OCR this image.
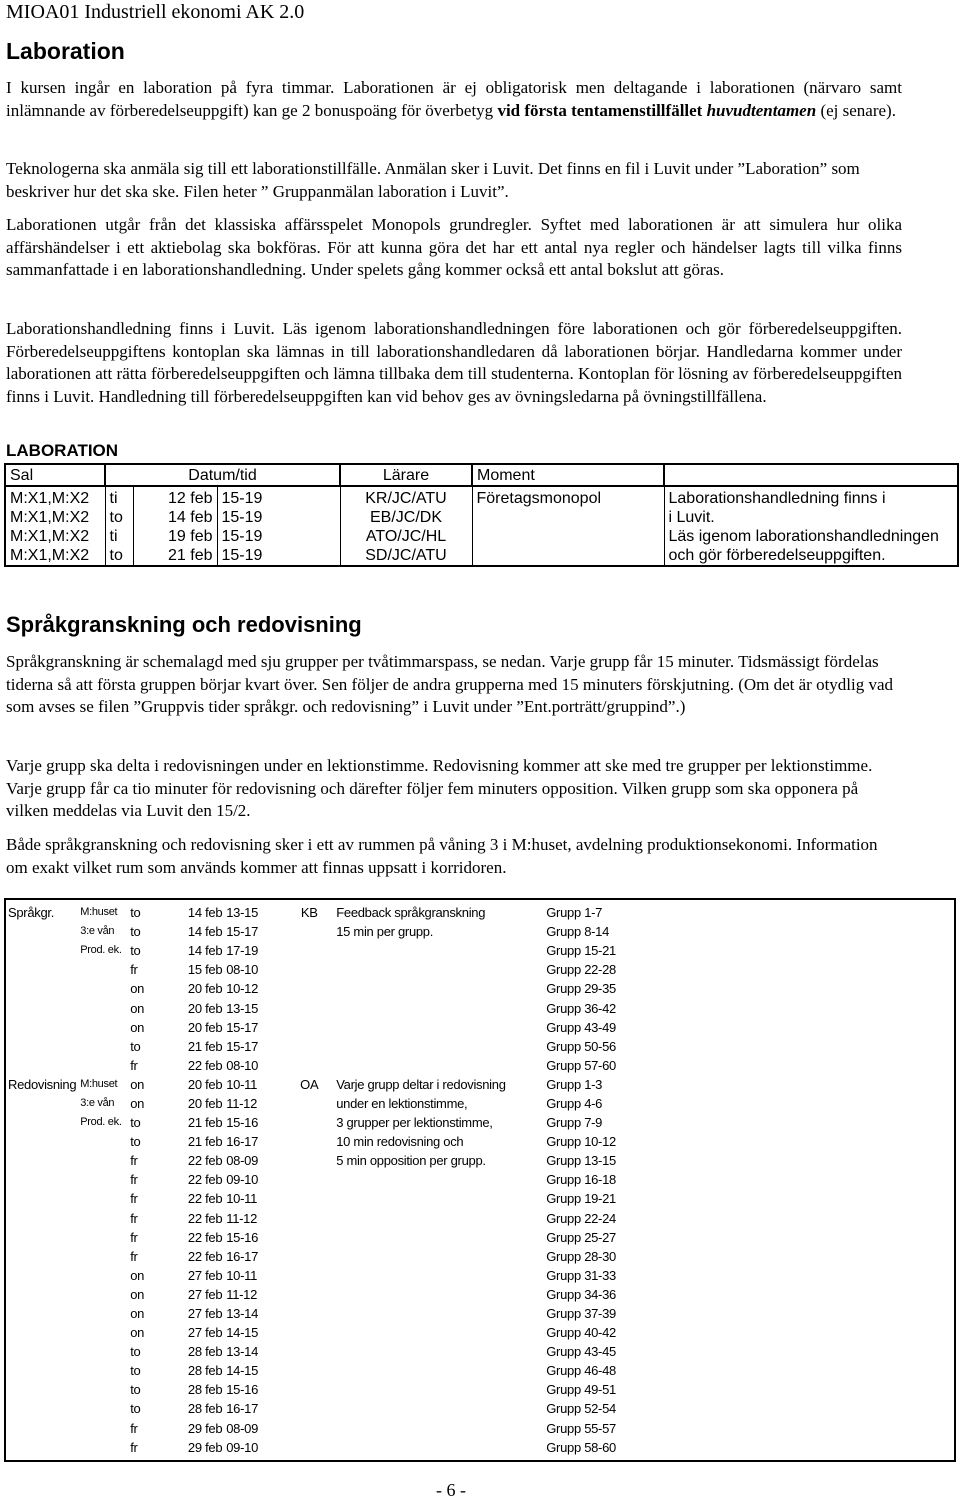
MIOA01 Industriell ekonomi AK 2.0
Laboration

I kursen ingår en laboration på fyra timmar. Laborationen är ej obligatorisk men deltagande i laborationen (närvaro samt inlämnande av förberedelseuppgift) kan ge 2 bonuspoäng för överbetyg vid första tentamenstillfället huvudtentamen (ej senare).

Teknologerna ska anmäla sig till ett laborationstillfälle. Anmälan sker i Luvit. Det finns en fil i Luvit under ”Laboration” som beskriver hur det ska ske. Filen heter ” Gruppanmälan laboration i Luvit”.

Laborationen utgår från det klassiska affärsspelet Monopols grundregler. Syftet med laborationen är att simulera hur olika affärshändelser i ett aktiebolag ska bokföras. För att kunna göra det har ett antal nya regler och händelser lagts till vilka finns sammanfattade i en laborationshandledning. Under spelets gång kommer också ett antal bokslut att göras.

Laborationshandledning finns i Luvit. Läs igenom laborationshandledningen före laborationen och gör förberedelseuppgiften. Förberedelseuppgiftens kontoplan ska lämnas in till laborationshandledaren då laborationen börjar. Handledarna kommer under laborationen att rätta förberedelseuppgiften och lämna tillbaka dem till studenterna. Kontoplan för lösning av förberedelseuppgiften finns i Luvit. Handledning till förberedelseuppgiften kan vid behov ges av övningsledarna på övningstillfällena.

LABORATION
Sal	Datum/tid			Lärare	Moment	
M:X1,M:X2	ti	12 feb	15-19	KR/JC/ATU	Företagsmonopol	Laborationshandledning finns i
M:X1,M:X2	to	14 feb	15-19	EB/JC/DK		i Luvit.
M:X1,M:X2	ti	19 feb	15-19	ATO/JC/HL		Läs igenom laborationshandledningen
M:X1,M:X2	to	21 feb	15-19	SD/JC/ATU		och gör förberedelseuppgiften.
Språkgranskning och redovisning

Språkgranskning är schemalagd med sju grupper per tvåtimmarspass, se nedan. Varje grupp får 15 minuter. Tidsmässigt fördelas tiderna så att första gruppen börjar kvart över. Sen följer de andra grupperna med 15 minuters förskjutning. (Om det är otydlig vad som avses se filen ”Gruppvis tider språkgr. och redovisning” i Luvit under ”Ent.porträtt/gruppind”.)

Varje grupp ska delta i redovisningen under en lektionstimme. Redovisning kommer att ske med tre grupper per lektionstimme. Varje grupp får ca tio minuter för redovisning och därefter följer fem minuters opposition. Vilken grupp som ska opponera på vilken meddelas via Luvit den 15/2.

Både språkgranskning och redovisning sker i ett av rummen på våning 3 i M:huset, avdelning produktionsekonomi. Information om exakt vilket rum som används kommer att finnas uppsatt i korridoren.

Språkgr.	M:huset	to	14 feb	13-15	KB	Feedback språkgranskning	Grupp 1-7
	3:e vån	to	14 feb	15-17		15 min per grupp.	Grupp 8-14
	Prod. ek.	to	14 feb	17-19			Grupp 15-21
		fr	15 feb	08-10			Grupp 22-28
		on	20 feb	10-12			Grupp 29-35
		on	20 feb	13-15			Grupp 36-42
		on	20 feb	15-17			Grupp 43-49
		to	21 feb	15-17			Grupp 50-56
		fr	22 feb	08-10			Grupp 57-60
Redovisning	M:huset	on	20 feb	10-11	OA	Varje grupp deltar i redovisning	Grupp 1-3
	3:e vån	on	20 feb	11-12		under en lektionstimme,	Grupp 4-6
	Prod. ek.	to	21 feb	15-16		3 grupper per lektionstimme,	Grupp 7-9
		to	21 feb	16-17		10 min redovisning och	Grupp 10-12
		fr	22 feb	08-09		5 min opposition per grupp.	Grupp 13-15
		fr	22 feb	09-10			Grupp 16-18
		fr	22 feb	10-11			Grupp 19-21
		fr	22 feb	11-12			Grupp 22-24
		fr	22 feb	15-16			Grupp 25-27
		fr	22 feb	16-17			Grupp 28-30
		on	27 feb	10-11			Grupp 31-33
		on	27 feb	11-12			Grupp 34-36
		on	27 feb	13-14			Grupp 37-39
		on	27 feb	14-15			Grupp 40-42
		to	28 feb	13-14			Grupp 43-45
		to	28 feb	14-15			Grupp 46-48
		to	28 feb	15-16			Grupp 49-51
		to	28 feb	16-17			Grupp 52-54
		fr	29 feb	08-09			Grupp 55-57
		fr	29 feb	09-10			Grupp 58-60
- 6 -
